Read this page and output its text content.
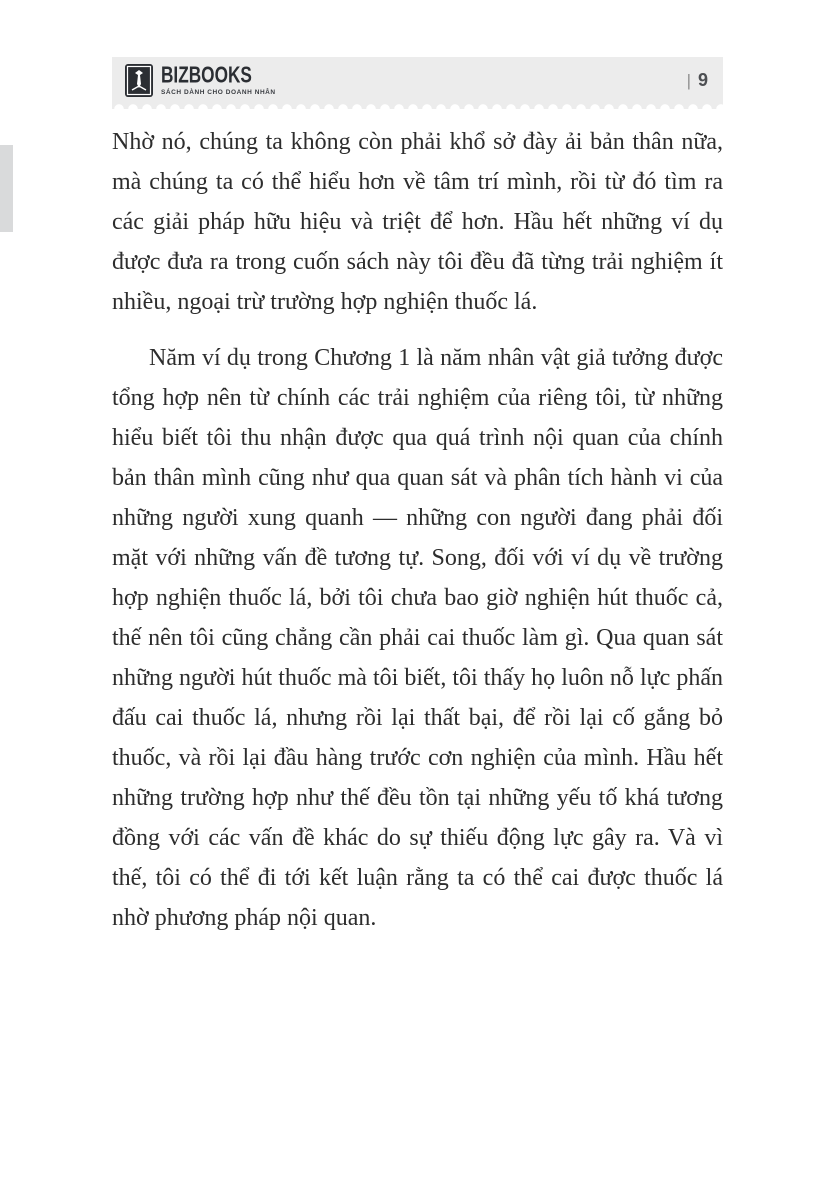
BIZBOOKS
SÁCH DÀNH CHO DOANH NHÂN
| 9

Nhờ nó, chúng ta không còn phải khổ sở đày ải bản thân nữa, mà chúng ta có thể hiểu hơn về tâm trí mình, rồi từ đó tìm ra các giải pháp hữu hiệu và triệt để hơn. Hầu hết những ví dụ được đưa ra trong cuốn sách này tôi đều đã từng trải nghiệm ít nhiều, ngoại trừ trường hợp nghiện thuốc lá.

Năm ví dụ trong Chương 1 là năm nhân vật giả tưởng được tổng hợp nên từ chính các trải nghiệm của riêng tôi, từ những hiểu biết tôi thu nhận được qua quá trình nội quan của chính bản thân mình cũng như qua quan sát và phân tích hành vi của những người xung quanh — những con người đang phải đối mặt với những vấn đề tương tự. Song, đối với ví dụ về trường hợp nghiện thuốc lá, bởi tôi chưa bao giờ nghiện hút thuốc cả, thế nên tôi cũng chẳng cần phải cai thuốc làm gì. Qua quan sát những người hút thuốc mà tôi biết, tôi thấy họ luôn nỗ lực phấn đấu cai thuốc lá, nhưng rồi lại thất bại, để rồi lại cố gắng bỏ thuốc, và rồi lại đầu hàng trước cơn nghiện của mình. Hầu hết những trường hợp như thế đều tồn tại những yếu tố khá tương đồng với các vấn đề khác do sự thiếu động lực gây ra. Và vì thế, tôi có thể đi tới kết luận rằng ta có thể cai được thuốc lá nhờ phương pháp nội quan.
